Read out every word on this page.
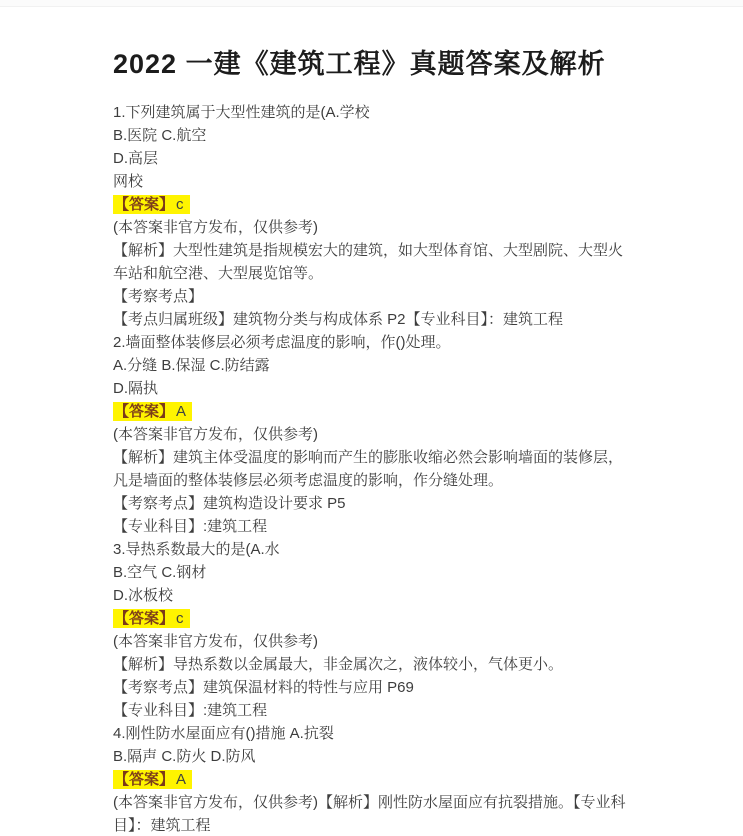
2022 一建《建筑工程》真题答案及解析
1.下列建筑属于大型性建筑的是(A.学校
B.医院 C.航空
D.高层
网校
【答案】 c
(本答案非官方发布，仅供参考)
【解析】大型性建筑是指规模宏大的建筑，如大型体育馆、大型剧院、大型火车站和航空港、大型展览馆等。
【考察考点】
【考点归属班级】建筑物分类与构成体系 P2【专业科目】：建筑工程
2.墙面整体装修层必须考虑温度的影响，作()处理。
A.分缝 B.保湿 C.防结露
D.隔执
【答案】 A
(本答案非官方发布，仅供参考)
【解析】建筑主体受温度的影响而产生的膨胀收缩必然会影响墙面的装修层，凡是墙面的整体装修层必须考虑温度的影响，作分缝处理。
【考察考点】建筑构造设计要求 P5
【专业科目】:建筑工程
3.导热系数最大的是(A.水
B.空气 C.钢材
D.冰板校
【答案】 c
(本答案非官方发布，仅供参考)
【解析】导热系数以金属最大，非金属次之，液体较小，气体更小。
【考察考点】建筑保温材料的特性与应用 P69
【专业科目】:建筑工程
4.刚性防水屋面应有()措施 A.抗裂
B.隔声 C.防火 D.防风
【答案】 A
(本答案非官方发布，仅供参考)【解析】刚性防水屋面应有抗裂措施。【专业科目】：建筑工程
